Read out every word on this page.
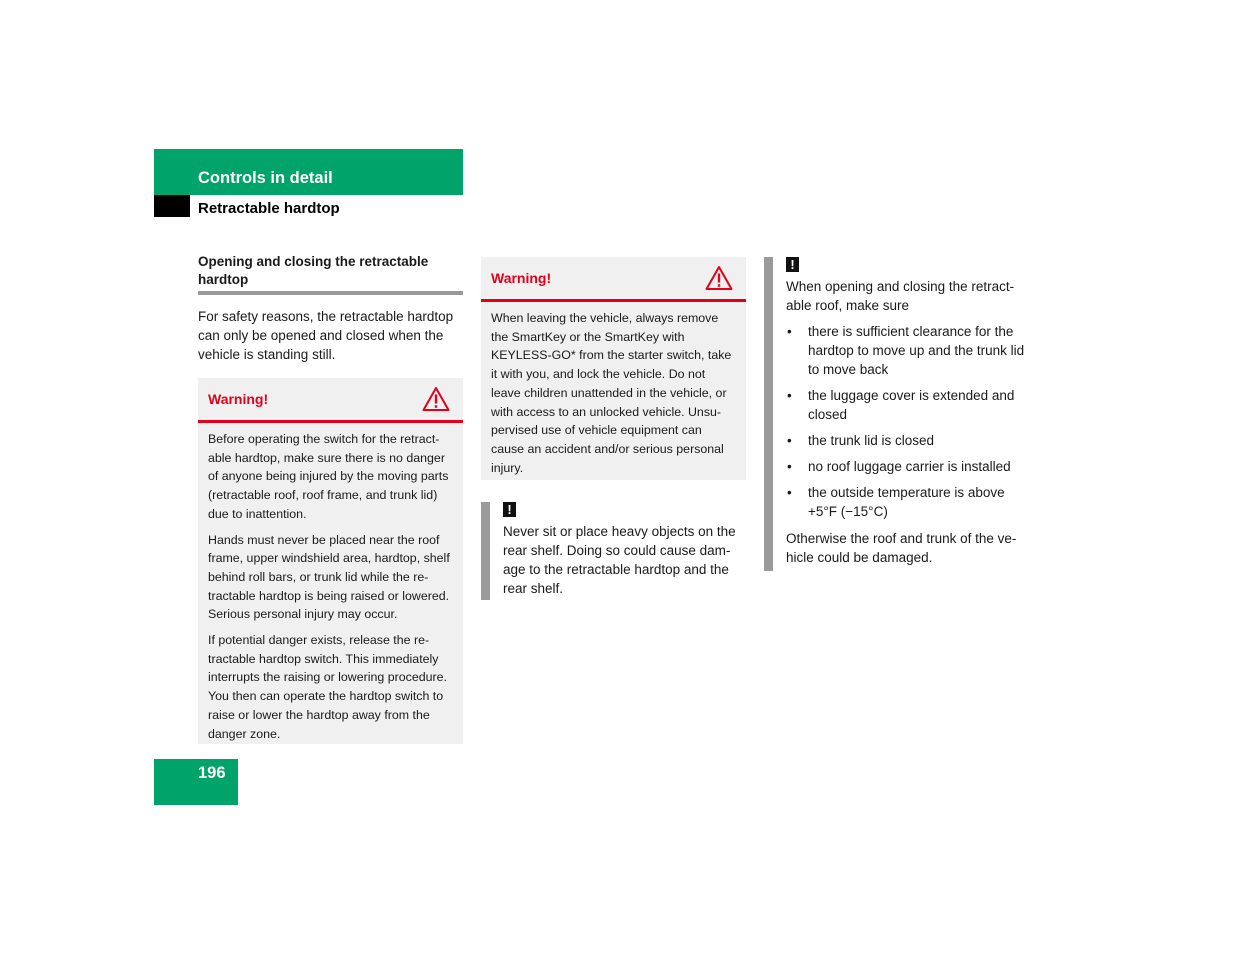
Controls in detail
Retractable hardtop
Opening and closing the retractable
hardtop
For safety reasons, the retractable hardtop can only be opened and closed when the vehicle is standing still.
Warning!

Before operating the switch for the retract-able hardtop, make sure there is no danger of anyone being injured by the moving parts (retractable roof, roof frame, and trunk lid) due to inattention.

Hands must never be placed near the roof frame, upper windshield area, hardtop, shelf behind roll bars, or trunk lid while the re-tractable hardtop is being raised or lowered. Serious personal injury may occur.

If potential danger exists, release the re-tractable hardtop switch. This immediately interrupts the raising or lowering procedure. You then can operate the hardtop switch to raise or lower the hardtop away from the danger zone.

Warning!

When leaving the vehicle, always remove the SmartKey or the SmartKey with KEYLESS-GO* from the starter switch, take it with you, and lock the vehicle. Do not leave children unattended in the vehicle, or with access to an unlocked vehicle. Unsu-pervised use of vehicle equipment can cause an accident and/or serious personal injury.

!
Never sit or place heavy objects on the rear shelf. Doing so could cause dam-age to the retractable hardtop and the rear shelf.
!
When opening and closing the retract-able roof, make sure
• there is sufficient clearance for the hardtop to move up and the trunk lid to move back
• the luggage cover is extended and closed
• the trunk lid is closed
• no roof luggage carrier is installed
• the outside temperature is above +5°F (−15°C)
Otherwise the roof and trunk of the ve-hicle could be damaged.
196
